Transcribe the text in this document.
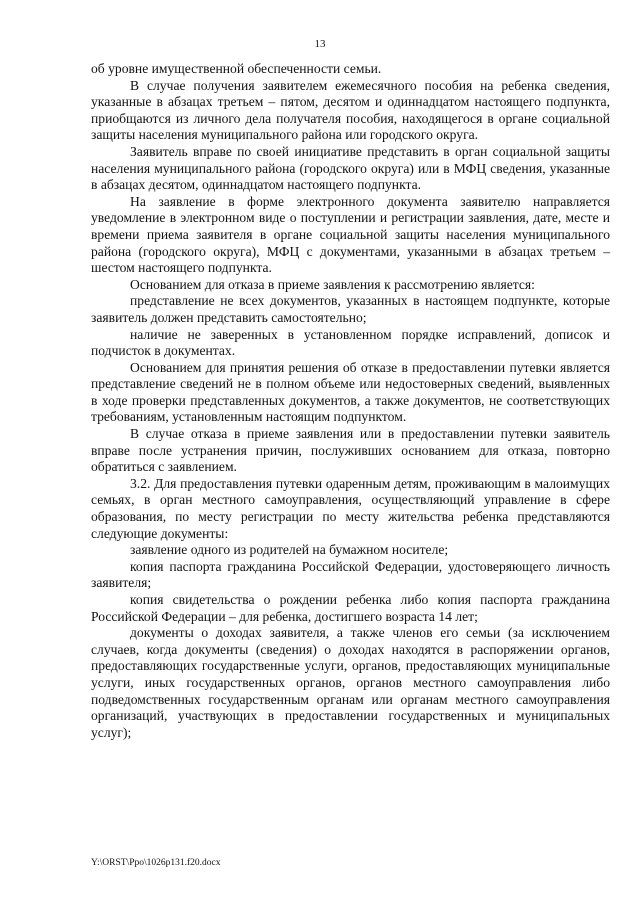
13

об уровне имущественной обеспеченности семьи.

В случае получения заявителем ежемесячного пособия на ребенка сведения, указанные в абзацах третьем – пятом, десятом и одиннадцатом настоящего подпункта, приобщаются из личного дела получателя пособия, находящегося в органе социальной защиты населения муниципального района или городского округа.

Заявитель вправе по своей инициативе представить в орган социальной защиты населения муниципального района (городского округа) или в МФЦ сведения, указанные в абзацах десятом, одиннадцатом настоящего подпункта.

На заявление в форме электронного документа заявителю направляется уведомление в электронном виде о поступлении и регистрации заявления, дате, месте и времени приема заявителя в органе социальной защиты населения муниципального района (городского округа), МФЦ с документами, указанными в абзацах третьем – шестом настоящего подпункта.

Основанием для отказа в приеме заявления к рассмотрению является:

представление не всех документов, указанных в настоящем подпункте, которые заявитель должен представить самостоятельно;

наличие не заверенных в установленном порядке исправлений, дописок и подчисток в документах.

Основанием для принятия решения об отказе в предоставлении путевки является представление сведений не в полном объеме или недостоверных сведений, выявленных в ходе проверки представленных документов, а также документов, не соответствующих требованиям, установленным настоящим подпунктом.

В случае отказа в приеме заявления или в предоставлении путевки заявитель вправе после устранения причин, послуживших основанием для отказа, повторно обратиться с заявлением.

3.2. Для предоставления путевки одаренным детям, проживающим в малоимущих семьях, в орган местного самоуправления, осуществляющий управление в сфере образования, по месту регистрации по месту жительства ребенка представляются следующие документы:

заявление одного из родителей на бумажном носителе;

копия паспорта гражданина Российской Федерации, удостоверяющего личность заявителя;

копия свидетельства о рождении ребенка либо копия паспорта гражданина Российской Федерации – для ребенка, достигшего возраста 14 лет;

документы о доходах заявителя, а также членов его семьи (за исключением случаев, когда документы (сведения) о доходах находятся в распоряжении органов, предоставляющих государственные услуги, органов, предоставляющих муниципальные услуги, иных государственных органов, органов местного самоуправления либо подведомственных государственным органам или органам местного самоуправления организаций, участвующих в предоставлении государственных и муниципальных услуг);

Y:\ORST\Ppo\1026p131.f20.docx
